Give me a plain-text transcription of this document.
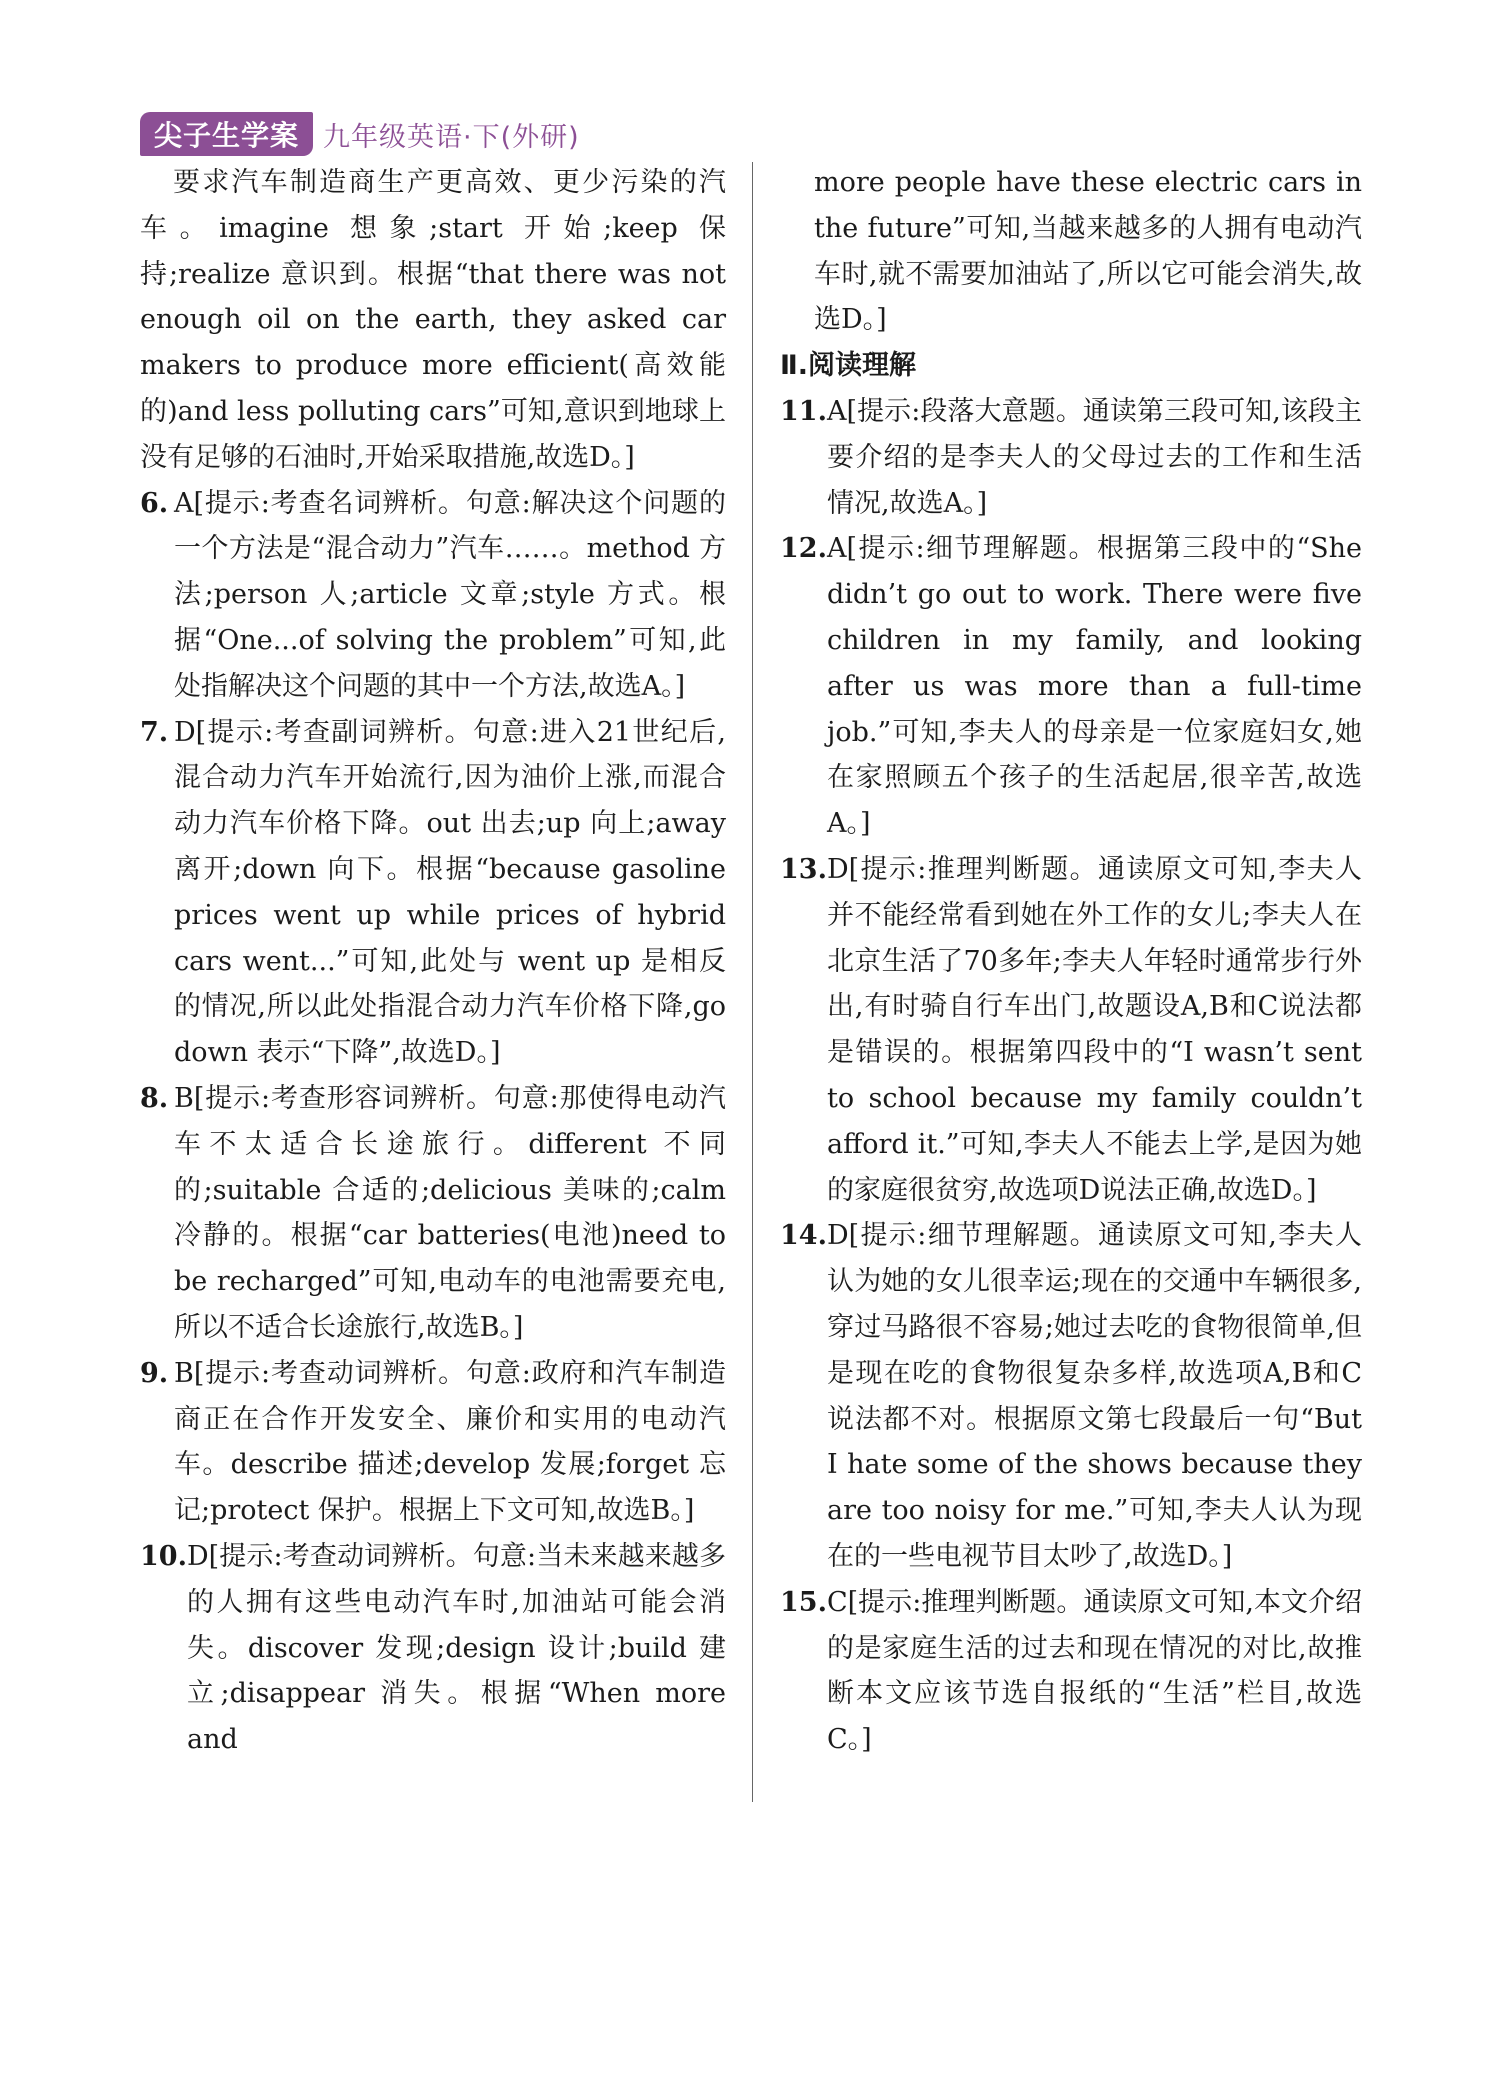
尖子生学案 九年级英语·下(外研)

要求汽车制造商生产更高效、更少污染的汽车。imagine 想象;start 开始;keep 保持;realize 意识到。根据“that there was not enough oil on the earth, they asked car makers to produce more efficient(高效能的)and less polluting cars”可知,意识到地球上没有足够的石油时,开始采取措施,故选D。]

6. A[提示:考查名词辨析。句意:解决这个问题的一个方法是“混合动力”汽车……。method 方法;person 人;article 文章;style 方式。根据“One...of solving the problem”可知,此处指解决这个问题的其中一个方法,故选A。]
7. D[提示:考查副词辨析。句意:进入21世纪后,混合动力汽车开始流行,因为油价上涨,而混合动力汽车价格下降。out 出去;up 向上;away 离开;down 向下。根据“because gasoline prices went up while prices of hybrid cars went...”可知,此处与 went up 是相反的情况,所以此处指混合动力汽车价格下降,go down 表示“下降”,故选D。]
8. B[提示:考查形容词辨析。句意:那使得电动汽车不太适合长途旅行。different 不同的;suitable 合适的;delicious 美味的;calm 冷静的。根据“car batteries(电池)need to be recharged”可知,电动车的电池需要充电,所以不适合长途旅行,故选B。]
9. B[提示:考查动词辨析。句意:政府和汽车制造商正在合作开发安全、廉价和实用的电动汽车。describe 描述;develop 发展;forget 忘记;protect 保护。根据上下文可知,故选B。]
10. D[提示:考查动词辨析。句意:当未来越来越多的人拥有这些电动汽车时,加油站可能会消失。discover 发现;design 设计;build 建立;disappear 消失。根据“When more and

more people have these electric cars in the future”可知,当越来越多的人拥有电动汽车时,就不需要加油站了,所以它可能会消失,故选D。]

Ⅱ.阅读理解

11. A[提示:段落大意题。通读第三段可知,该段主要介绍的是李夫人的父母过去的工作和生活情况,故选A。]
12. A[提示:细节理解题。根据第三段中的“She didn’t go out to work. There were five children in my family, and looking after us was more than a full-time job.”可知,李夫人的母亲是一位家庭妇女,她在家照顾五个孩子的生活起居,很辛苦,故选A。]
13. D[提示:推理判断题。通读原文可知,李夫人并不能经常看到她在外工作的女儿;李夫人在北京生活了70多年;李夫人年轻时通常步行外出,有时骑自行车出门,故题设A,B和C说法都是错误的。根据第四段中的“I wasn’t sent to school because my family couldn’t afford it.”可知,李夫人不能去上学,是因为她的家庭很贫穷,故选项D说法正确,故选D。]
14. D[提示:细节理解题。通读原文可知,李夫人认为她的女儿很幸运;现在的交通中车辆很多,穿过马路很不容易;她过去吃的食物很简单,但是现在吃的食物很复杂多样,故选项A,B和C说法都不对。根据原文第七段最后一句“But I hate some of the shows because they are too noisy for me.”可知,李夫人认为现在的一些电视节目太吵了,故选D。]
15. C[提示:推理判断题。通读原文可知,本文介绍的是家庭生活的过去和现在情况的对比,故推断本文应该节选自报纸的“生活”栏目,故选C。]
